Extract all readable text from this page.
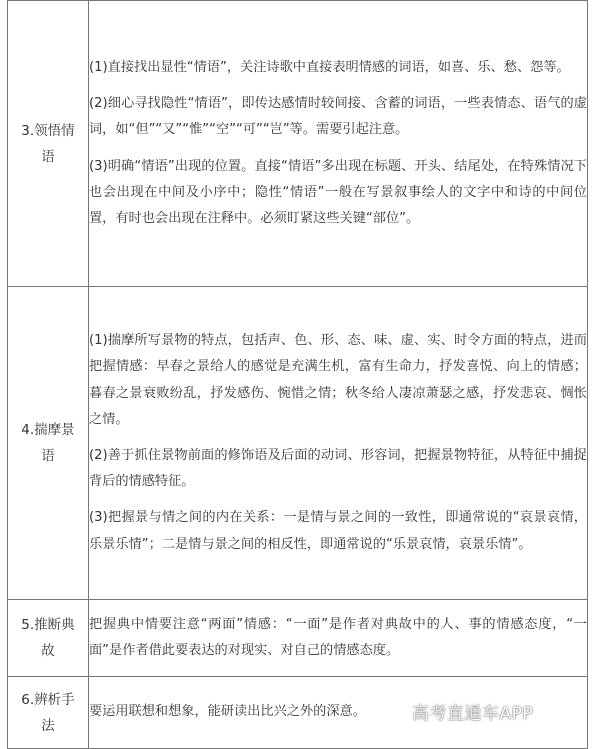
3.领悟情语	(1)直接找出显性“情语”，关注诗歌中直接表明情感的词语，如喜、乐、愁、怨等。

(2)细心寻找隐性“情语”，即传达感情时较间接、含蓄的词语，一些表情态、语气的虚词，如“但”“又”“惟”“空”“可”“岂”等。需要引起注意。

(3)明确“情语”出现的位置。直接“情语”多出现在标题、开头、结尾处，在特殊情况下也会出现在中间及小序中；隐性“情语”一般在写景叙事绘人的文字中和诗的中间位置，有时也会出现在注释中。必须盯紧这些关键“部位”。

4.揣摩景语	(1)揣摩所写景物的特点，包括声、色、形、态、味、虚、实、时令方面的特点，进而把握情感：早春之景给人的感觉是充满生机，富有生命力，抒发喜悦、向上的情感；暮春之景衰败纷乱，抒发感伤、惋惜之情；秋冬给人凄凉萧瑟之感，抒发悲哀、惆怅之情。

(2)善于抓住景物前面的修饰语及后面的动词、形容词，把握景物特征，从特征中捕捉背后的情感特征。

(3)把握景与情之间的内在关系：一是情与景之间的一致性，即通常说的“哀景哀情，乐景乐情”；二是情与景之间的相反性，即通常说的“乐景哀情，哀景乐情”。

5.推断典故	把握典中情要注意“两面”情感：“一面”是作者对典故中的人、事的情感态度，“一面”是作者借此要表达的对现实、对自己的情感态度。

6.辨析手法	要运用联想和想象，能研读出比兴之外的深意。	高考直通车APP
